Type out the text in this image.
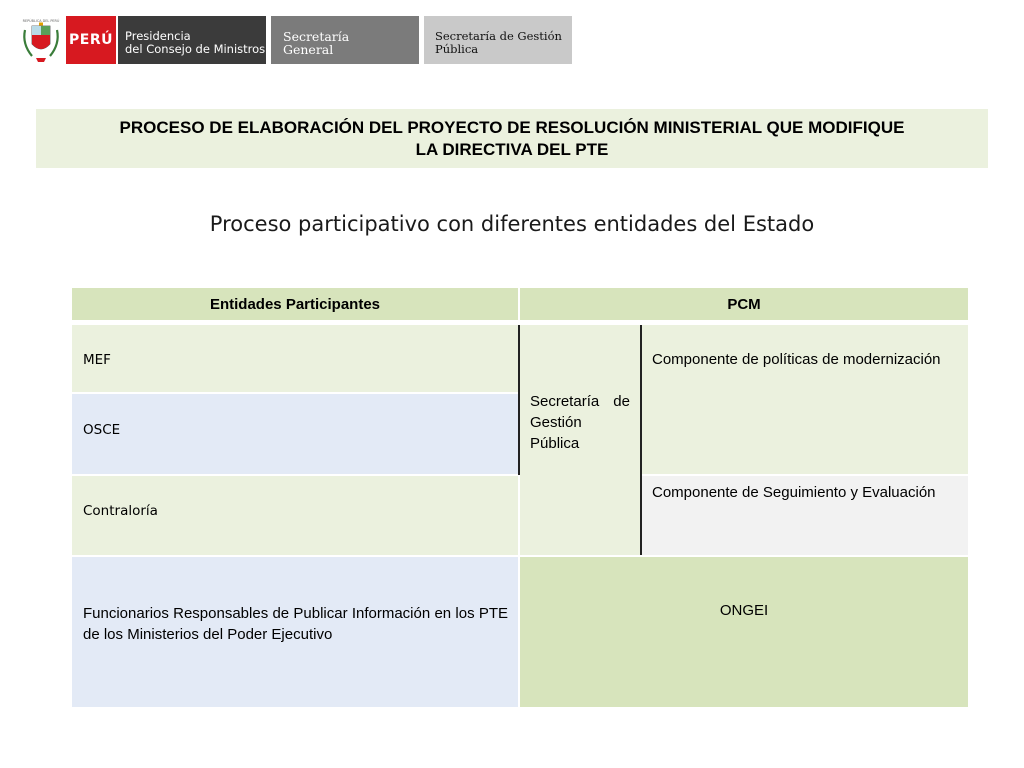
REPÚBLICA DEL PERÚ
PERÚ Presidencia
del Consejo de Ministros
Secretaría
General
Secretaría de Gestión
Pública
PROCESO DE ELABORACIÓN DEL PROYECTO DE RESOLUCIÓN MINISTERIAL QUE MODIFIQUE
LA DIRECTIVA DEL PTE
Proceso participativo con diferentes entidades del Estado
Entidades Participantes	PCM
MEF
OSCE
Contraloría
Funcionarios Responsables de Publicar Información en los PTE de los Ministerios del Poder Ejecutivo
Secretaría de Gestión Pública
Componente de políticas de modernización
Componente de Seguimiento y Evaluación
ONGEI
